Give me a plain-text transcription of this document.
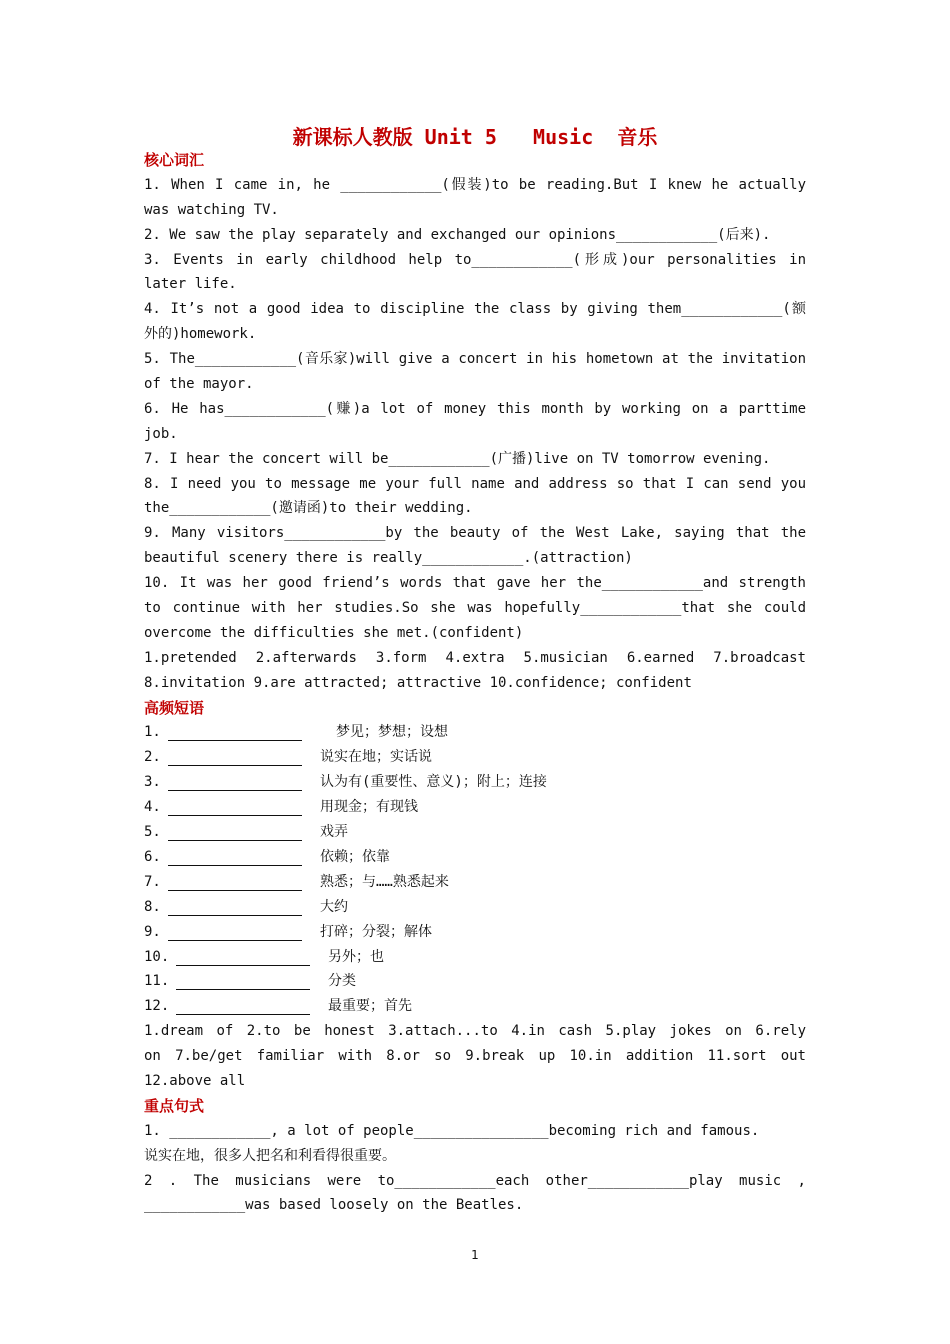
新课标人教版 Unit 5   Music  音乐
核心词汇
1. When I came in, he ____________(假装)to be reading.But I knew he actually
was watching TV.
2. We saw the play separately and exchanged our opinions____________(后来).
3. Events in early childhood help to____________(形成)our personalities in
later life.
4. It’s not a good idea to discipline the class by giving them____________(额
外的)homework.
5. The____________(音乐家)will give a concert in his hometown at the invitation
of the mayor.
6. He has____________(赚)a lot of money this month by working on a parttime
job.
7. I hear the concert will be____________(广播)live on TV tomorrow evening.
8. I need you to message me your full name and address so that I can send you
the____________(邀请函)to their wedding.
9. Many visitors____________by the beauty of the West Lake, saying that the
beautiful scenery there is really____________.(attraction)
10. It was her good friend’s words that gave her the____________and strength
to continue with her studies.So she was hopefully____________that she could
overcome the difficulties she met.(confident)
1.pretended 2.afterwards 3.form 4.extra 5.musician 6.earned 7.broadcast
8.invitation 9.are attracted; attractive 10.confidence; confident
高频短语
1.	梦见；梦想；设想
2.	说实在地；实话说
3.	认为有(重要性、意义)；附上；连接
4.	用现金；有现钱
5.	戏弄
6.	依赖；依靠
7.	熟悉；与……熟悉起来
8.	大约
9.	打碎；分裂；解体
10.	另外；也
11.	分类
12.	最重要；首先
1.dream of 2.to be honest 3.attach...to 4.in cash 5.play jokes on 6.rely
on 7.be/get familiar with 8.or so 9.break up 10.in addition 11.sort out
12.above all
重点句式
1. ____________, a lot of people________________becoming rich and famous.
说实在地，很多人把名和利看得很重要。
2 . The musicians were to____________each other____________play music ,
____________was based loosely on the Beatles.
1
